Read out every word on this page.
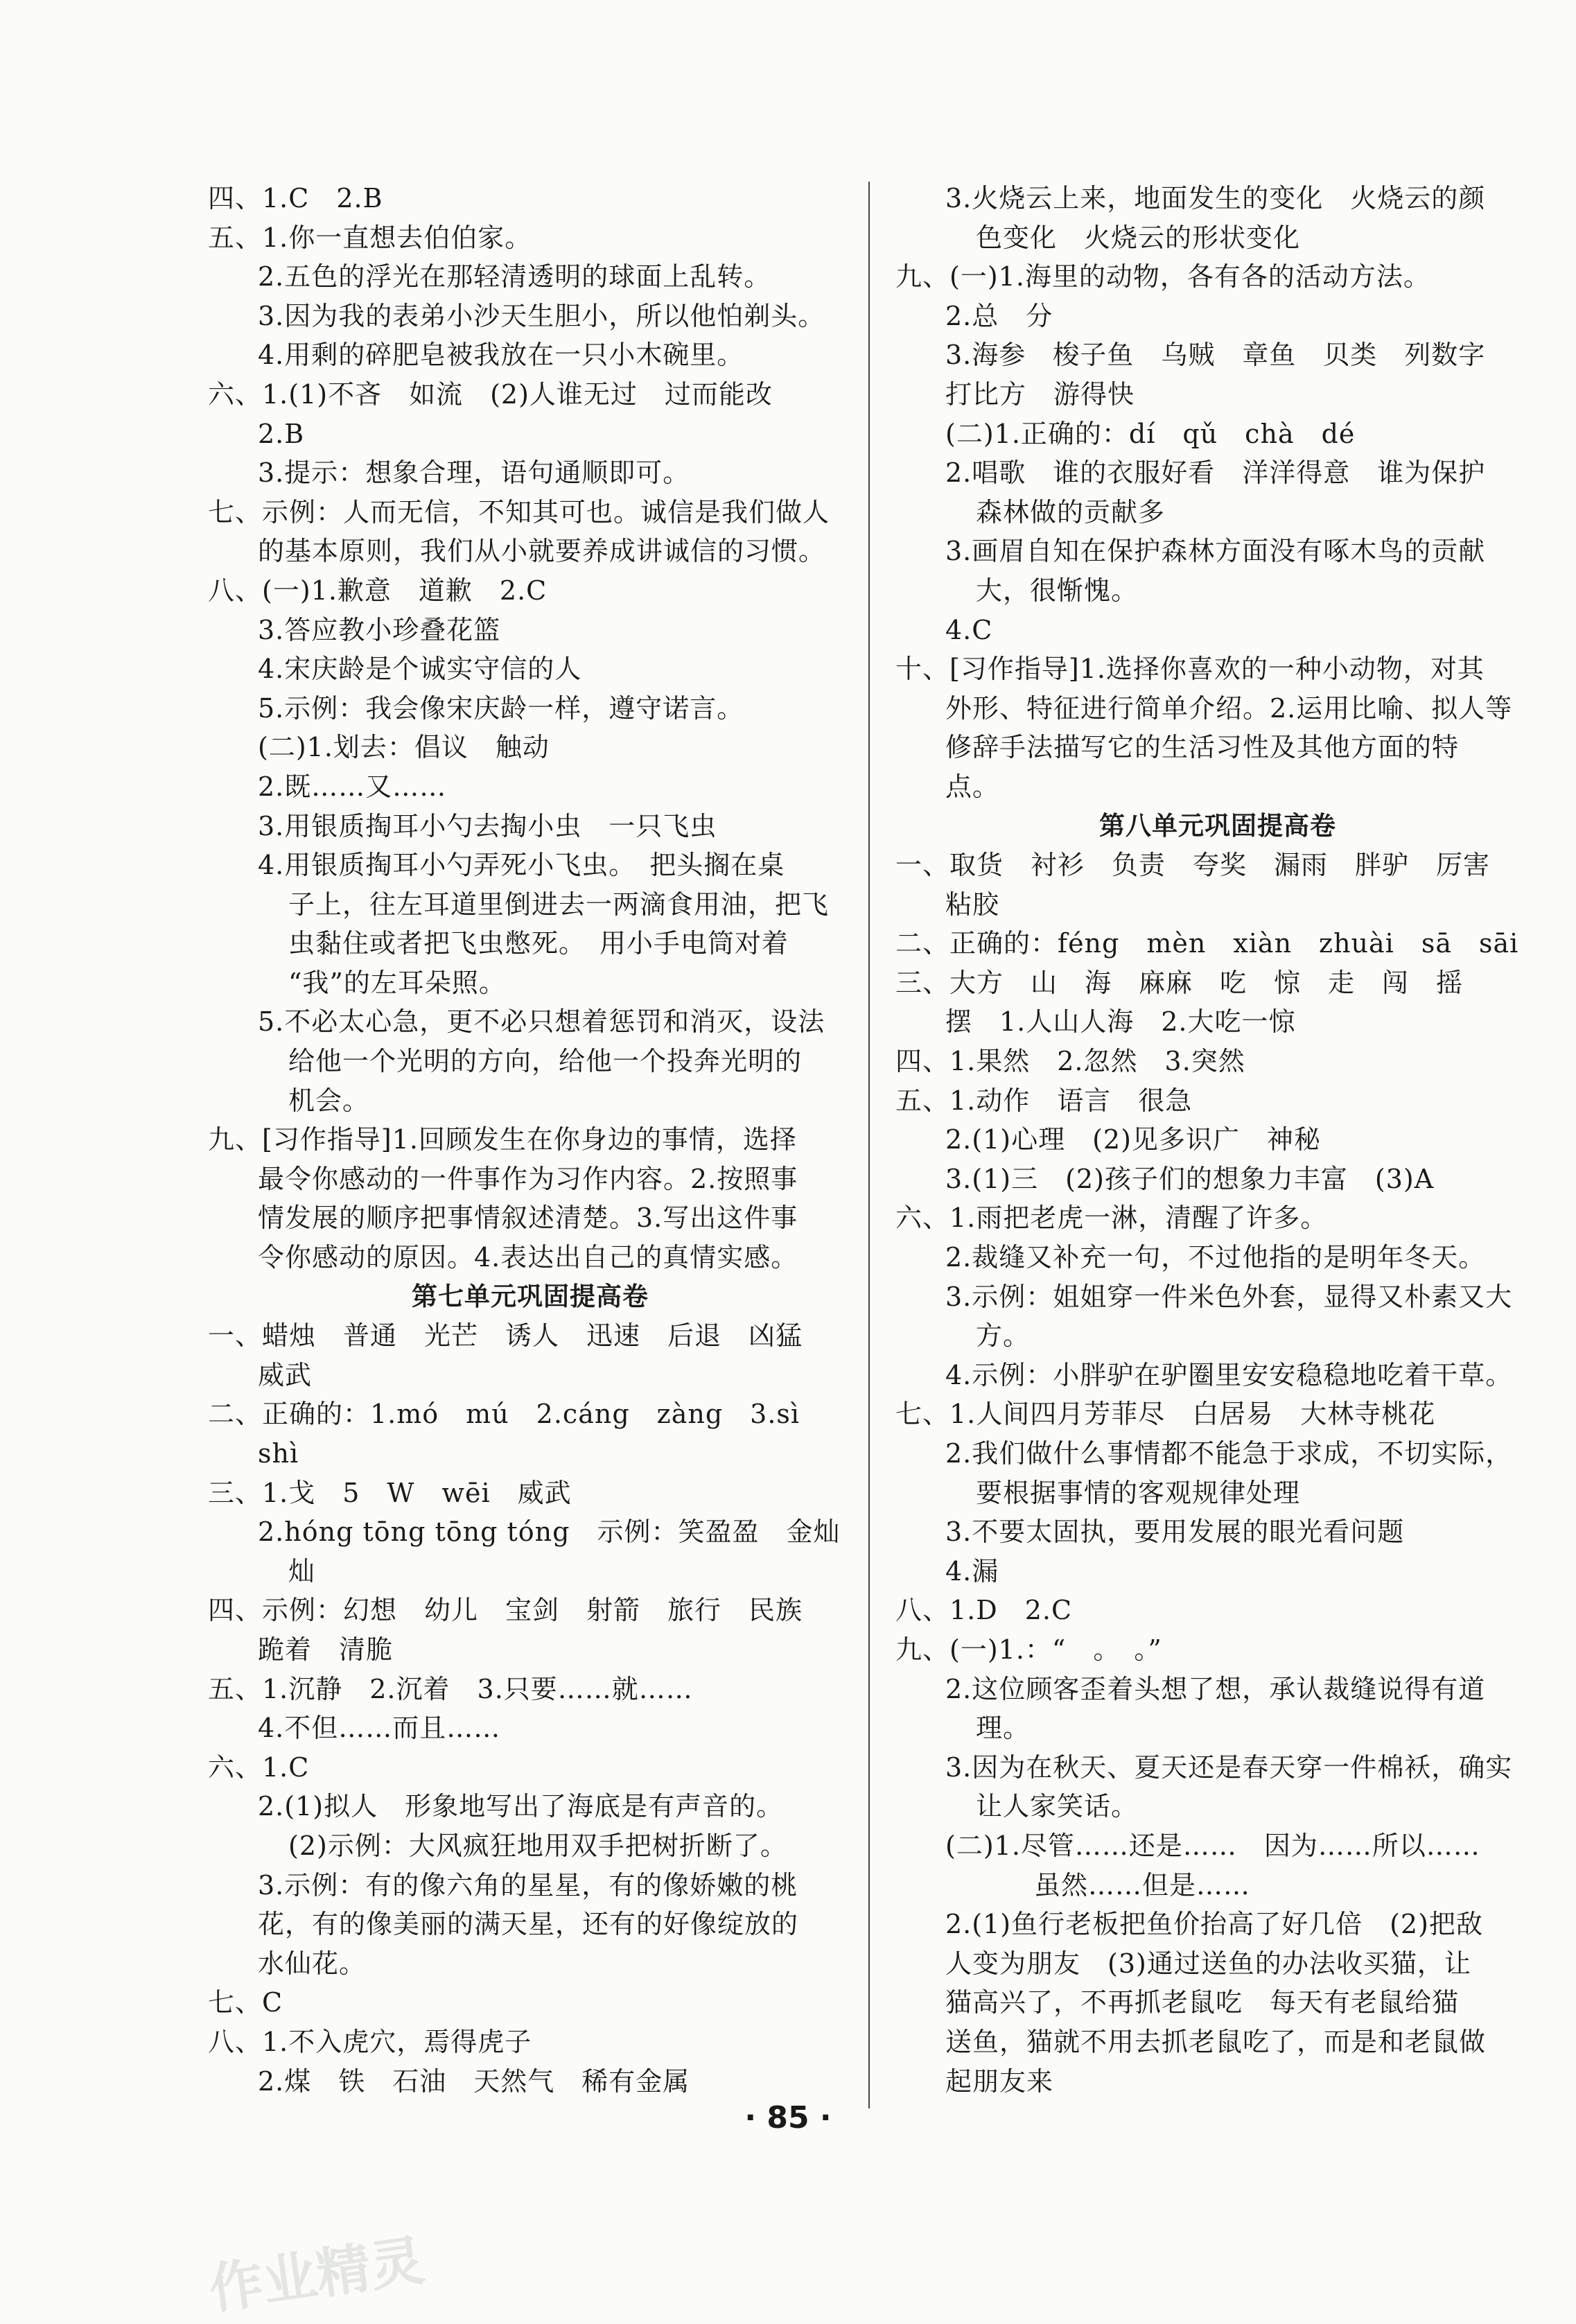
四、1.C　2.B
五、1.你一直想去伯伯家。
2.五色的浮光在那轻清透明的球面上乱转。
3.因为我的表弟小沙天生胆小，所以他怕剃头。
4.用剩的碎肥皂被我放在一只小木碗里。
六、1.(1)不吝　如流　(2)人谁无过　过而能改
2.B
3.提示：想象合理，语句通顺即可。
七、示例：人而无信，不知其可也。诚信是我们做人
的基本原则，我们从小就要养成讲诚信的习惯。
八、(一)1.歉意　道歉　2.C
3.答应教小珍叠花篮
4.宋庆龄是个诚实守信的人
5.示例：我会像宋庆龄一样，遵守诺言。
(二)1.划去：倡议　触动
2.既……又……
3.用银质掏耳小勺去掏小虫　一只飞虫
4.用银质掏耳小勺弄死小飞虫。　把头搁在桌
子上，往左耳道里倒进去一两滴食用油，把飞
虫黏住或者把飞虫憋死。　用小手电筒对着
“我”的左耳朵照。
5.不必太心急，更不必只想着惩罚和消灭，设法
给他一个光明的方向，给他一个投奔光明的
机会。
九、[习作指导]1.回顾发生在你身边的事情，选择
最令你感动的一件事作为习作内容。2.按照事
情发展的顺序把事情叙述清楚。3.写出这件事
令你感动的原因。4.表达出自己的真情实感。
第七单元巩固提高卷
一、蜡烛　普通　光芒　诱人　迅速　后退　凶猛
威武
二、正确的：1.mó　mú　2.cáng　zàng　3.sì
shì
三、1.戈　5　W　wēi　威武
2.hóng tōng tōng tóng　示例：笑盈盈　金灿
灿
四、示例：幻想　幼儿　宝剑　射箭　旅行　民族
跪着　清脆
五、1.沉静　2.沉着　3.只要……就……
4.不但……而且……
六、1.C
2.(1)拟人　形象地写出了海底是有声音的。
(2)示例：大风疯狂地用双手把树折断了。
3.示例：有的像六角的星星，有的像娇嫩的桃
花，有的像美丽的满天星，还有的好像绽放的
水仙花。
七、C
八、1.不入虎穴，焉得虎子
2.煤　铁　石油　天然气　稀有金属
3.火烧云上来，地面发生的变化　火烧云的颜
色变化　火烧云的形状变化
九、(一)1.海里的动物，各有各的活动方法。
2.总　分
3.海参　梭子鱼　乌贼　章鱼　贝类　列数字
打比方　游得快
(二)1.正确的：dí　qǔ　chà　dé
2.唱歌　谁的衣服好看　洋洋得意　谁为保护
森林做的贡献多
3.画眉自知在保护森林方面没有啄木鸟的贡献
大，很惭愧。
4.C
十、[习作指导]1.选择你喜欢的一种小动物，对其
外形、特征进行简单介绍。2.运用比喻、拟人等
修辞手法描写它的生活习性及其他方面的特
点。
第八单元巩固提高卷
一、取货　衬衫　负责　夸奖　漏雨　胖驴　厉害
粘胶
二、正确的：féng　mèn　xiàn　zhuài　sā　sāi
三、大方　山　海　麻麻　吃　惊　走　闯　摇
摆　1.人山人海　2.大吃一惊
四、1.果然　2.忽然　3.突然
五、1.动作　语言　很急
2.(1)心理　(2)见多识广　神秘
3.(1)三　(2)孩子们的想象力丰富　(3)A
六、1.雨把老虎一淋，清醒了许多。
2.裁缝又补充一句，不过他指的是明年冬天。
3.示例：姐姐穿一件米色外套，显得又朴素又大
方。
4.示例：小胖驴在驴圈里安安稳稳地吃着干草。
七、1.人间四月芳菲尽　白居易　大林寺桃花
2.我们做什么事情都不能急于求成，不切实际，
要根据事情的客观规律处理
3.不要太固执，要用发展的眼光看问题
4.漏
八、1.D　2.C
九、(一)1.：“　。　。”
2.这位顾客歪着头想了想，承认裁缝说得有道
理。
3.因为在秋天、夏天还是春天穿一件棉袄，确实
让人家笑话。
(二)1.尽管……还是……　因为……所以……
虽然……但是……
2.(1)鱼行老板把鱼价抬高了好几倍　(2)把敌
人变为朋友　(3)通过送鱼的办法收买猫，让
猫高兴了，不再抓老鼠吃　每天有老鼠给猫
送鱼，猫就不用去抓老鼠吃了，而是和老鼠做
起朋友来
· 85 ·
作业精灵
